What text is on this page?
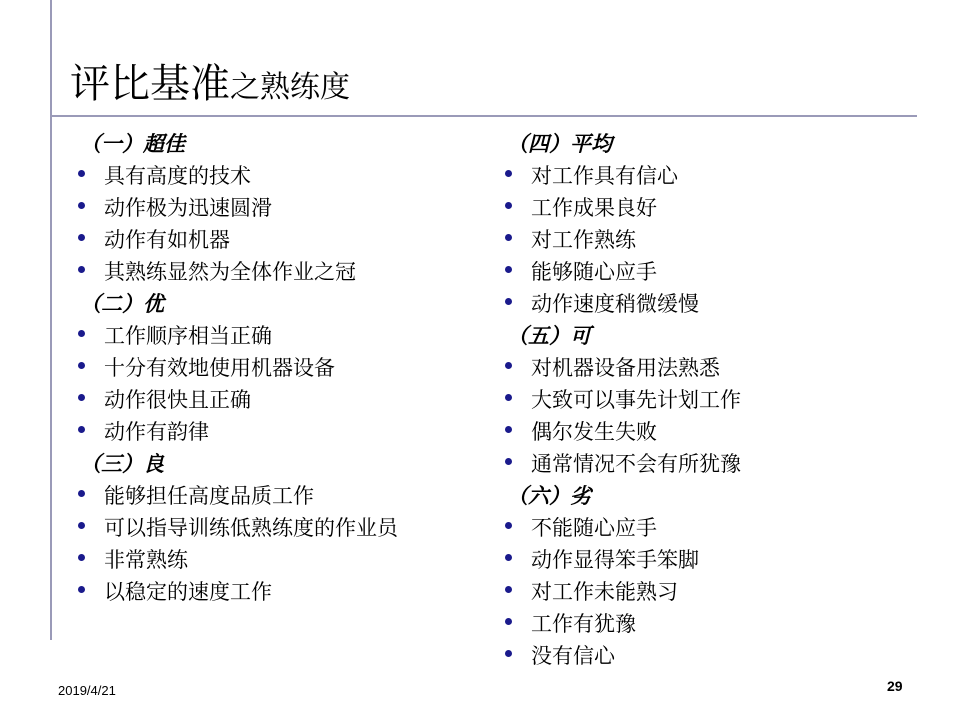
评比基准之熟练度
（一）超佳
具有高度的技术
动作极为迅速圆滑
动作有如机器
其熟练显然为全体作业之冠
（二）优
工作顺序相当正确
十分有效地使用机器设备
动作很快且正确
动作有韵律
（三）良
能够担任高度品质工作
可以指导训练低熟练度的作业员
非常熟练
以稳定的速度工作
（四）平均
对工作具有信心
工作成果良好
对工作熟练
能够随心应手
动作速度稍微缓慢
（五）可
对机器设备用法熟悉
大致可以事先计划工作
偶尔发生失败
通常情况不会有所犹豫
（六）劣
不能随心应手
动作显得笨手笨脚
对工作未能熟习
工作有犹豫
没有信心
2019/4/21	29
